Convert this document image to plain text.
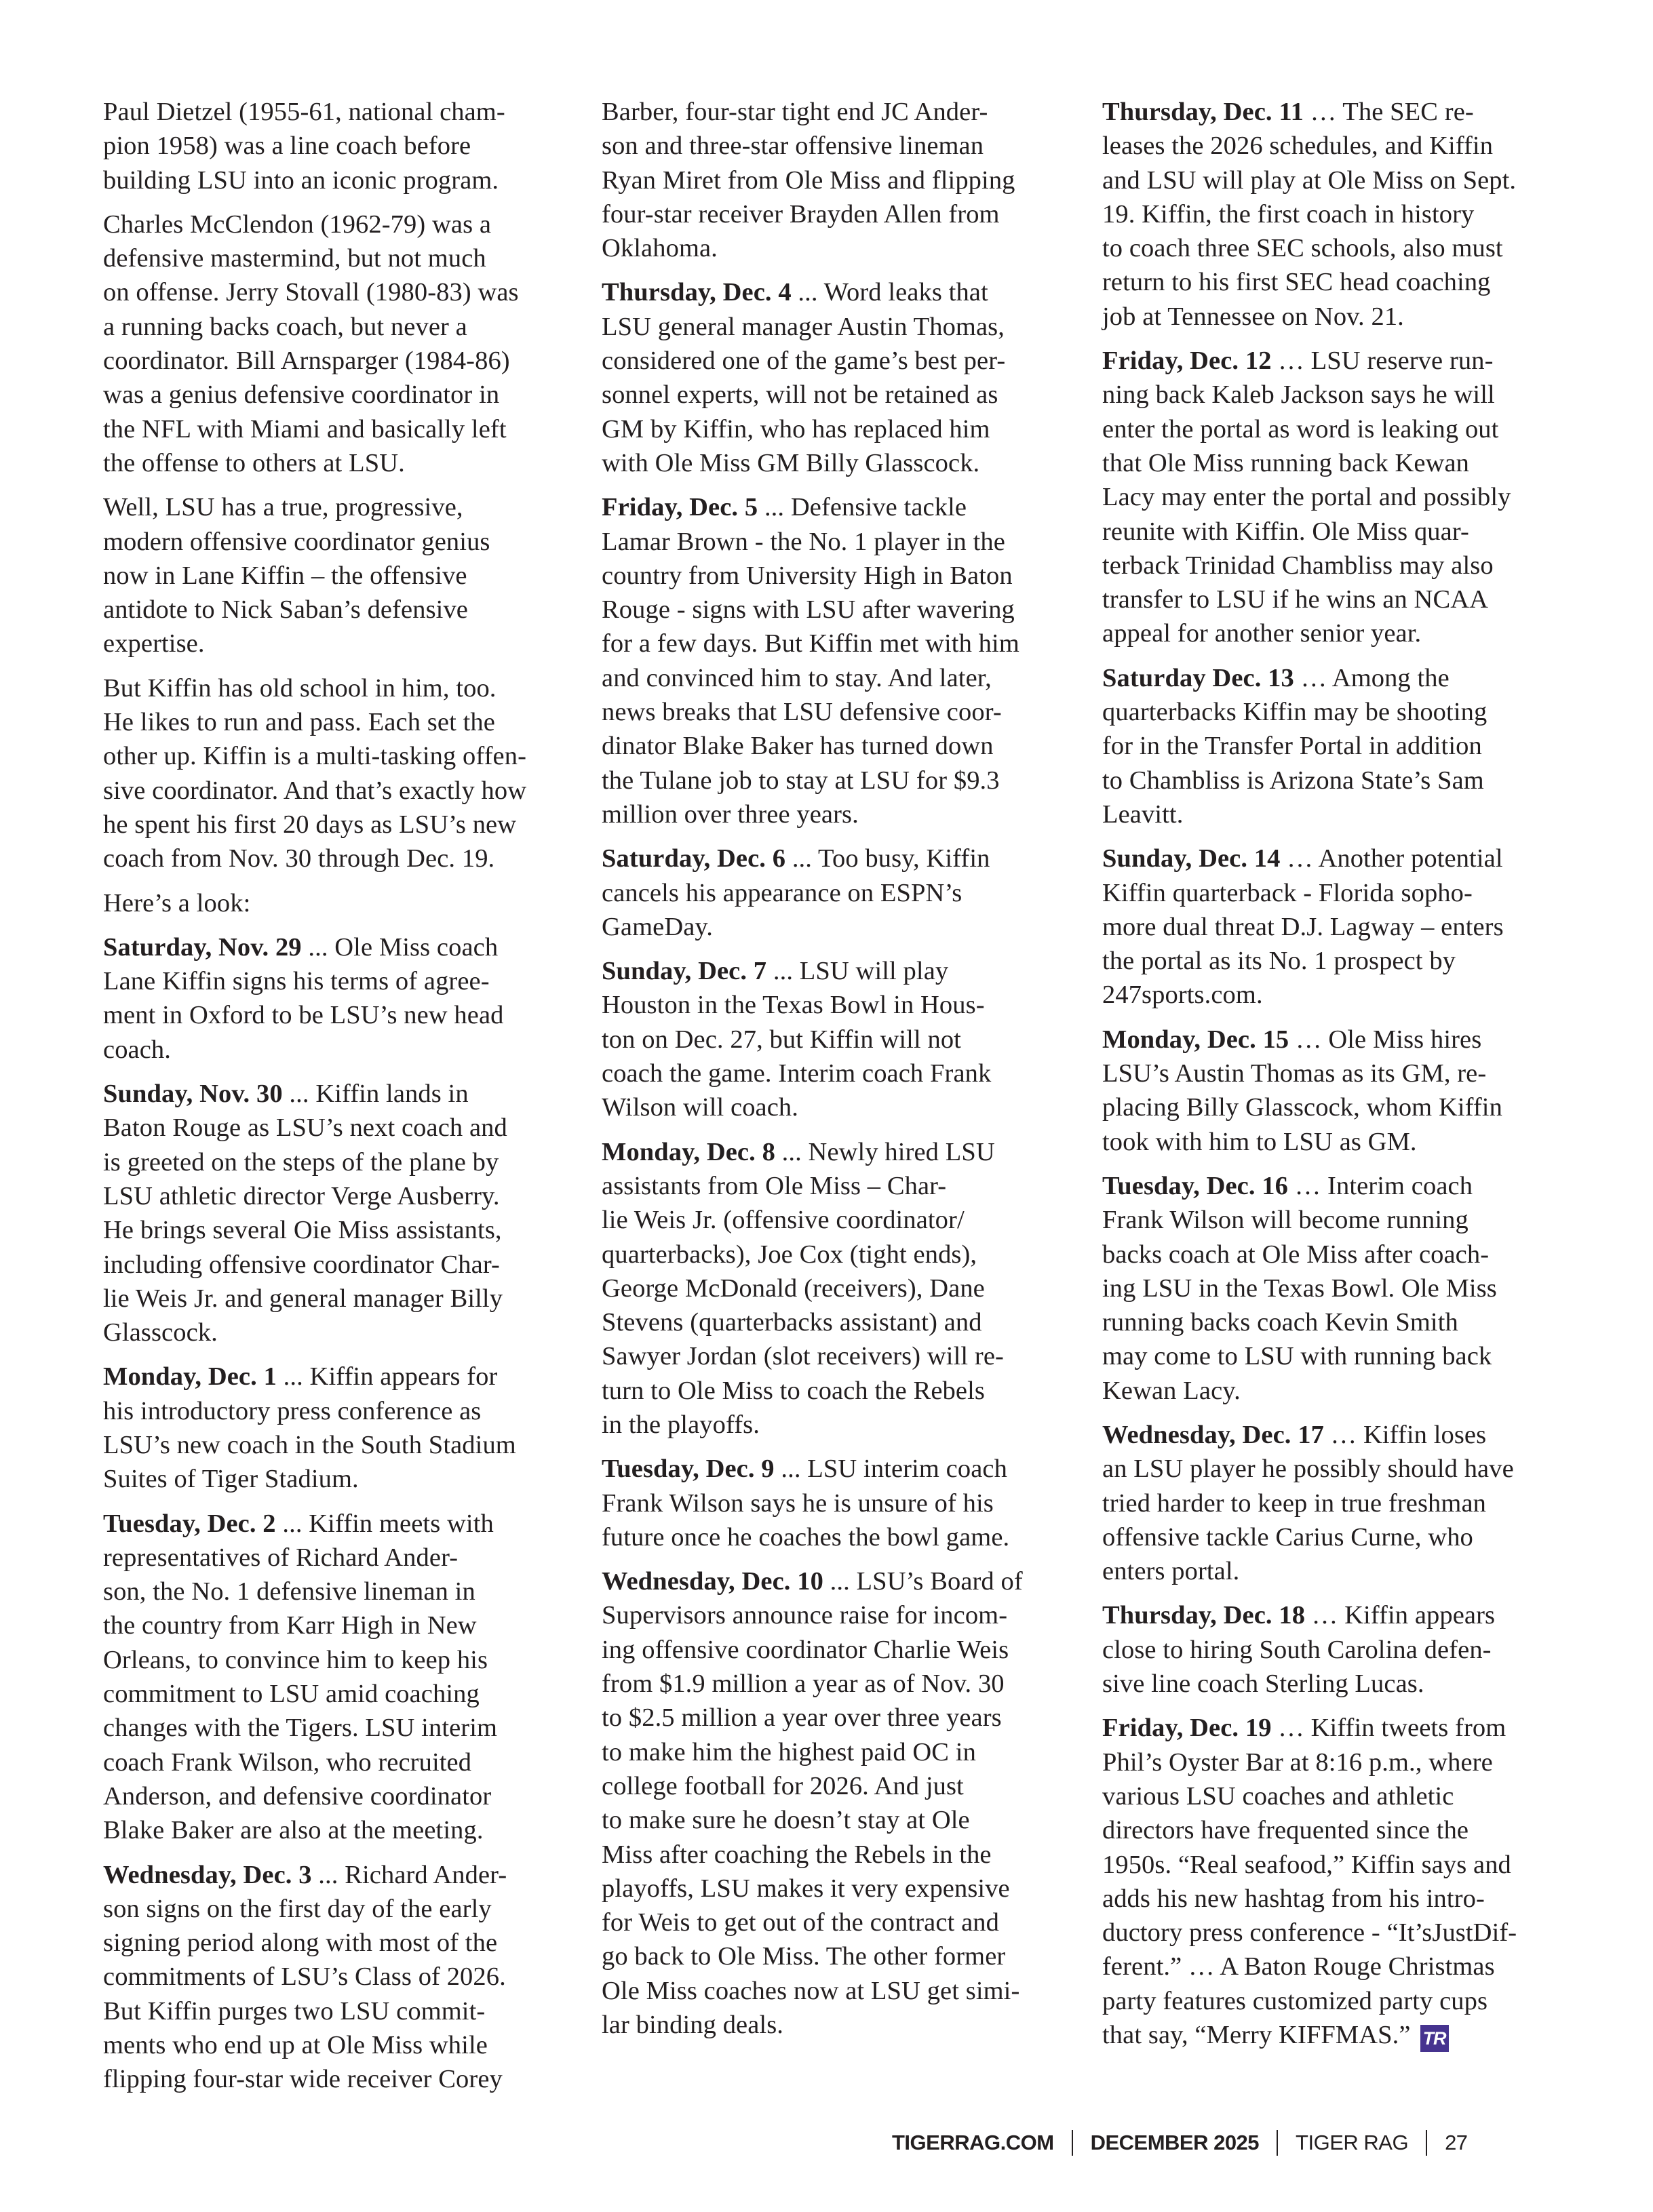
Paul Dietzel (1955-61, national cham-
pion 1958) was a line coach before
building LSU into an iconic program.

Charles McClendon (1962-79) was a
defensive mastermind, but not much
on offense. Jerry Stovall (1980-83) was
a running backs coach, but never a
coordinator. Bill Arnsparger (1984-86)
was a genius defensive coordinator in
the NFL with Miami and basically left
the offense to others at LSU.

Well, LSU has a true, progressive,
modern offensive coordinator genius
now in Lane Kiffin – the offensive
antidote to Nick Saban’s defensive
expertise.

But Kiffin has old school in him, too.
He likes to run and pass. Each set the
other up. Kiffin is a multi-tasking offen-
sive coordinator. And that’s exactly how
he spent his first 20 days as LSU’s new
coach from Nov. 30 through Dec. 19.

Here’s a look:

Saturday, Nov. 29 ... Ole Miss coach
Lane Kiffin signs his terms of agree-
ment in Oxford to be LSU’s new head
coach.

Sunday, Nov. 30 ... Kiffin lands in
Baton Rouge as LSU’s next coach and
is greeted on the steps of the plane by
LSU athletic director Verge Ausberry.
He brings several Oie Miss assistants,
including offensive coordinator Char-
lie Weis Jr. and general manager Billy
Glasscock.

Monday, Dec. 1 ... Kiffin appears for
his introductory press conference as
LSU’s new coach in the South Stadium
Suites of Tiger Stadium.

Tuesday, Dec. 2 ... Kiffin meets with
representatives of Richard Ander-
son, the No. 1 defensive lineman in
the country from Karr High in New
Orleans, to convince him to keep his
commitment to LSU amid coaching
changes with the Tigers. LSU interim
coach Frank Wilson, who recruited
Anderson, and defensive coordinator
Blake Baker are also at the meeting.

Wednesday, Dec. 3 ... Richard Ander-
son signs on the first day of the early
signing period along with most of the
commitments of LSU’s Class of 2026.
But Kiffin purges two LSU commit-
ments who end up at Ole Miss while
flipping four-star wide receiver Corey

Barber, four-star tight end JC Ander-
son and three-star offensive lineman
Ryan Miret from Ole Miss and flipping
four-star receiver Brayden Allen from
Oklahoma.

Thursday, Dec. 4 ... Word leaks that
LSU general manager Austin Thomas,
considered one of the game’s best per-
sonnel experts, will not be retained as
GM by Kiffin, who has replaced him
with Ole Miss GM Billy Glasscock.

Friday, Dec. 5 ... Defensive tackle
Lamar Brown - the No. 1 player in the
country from University High in Baton
Rouge - signs with LSU after wavering
for a few days. But Kiffin met with him
and convinced him to stay. And later,
news breaks that LSU defensive coor-
dinator Blake Baker has turned down
the Tulane job to stay at LSU for $9.3
million over three years.

Saturday, Dec. 6 ... Too busy, Kiffin
cancels his appearance on ESPN’s
GameDay.

Sunday, Dec. 7 ... LSU will play
Houston in the Texas Bowl in Hous-
ton on Dec. 27, but Kiffin will not
coach the game. Interim coach Frank
Wilson will coach.

Monday, Dec. 8 ... Newly hired LSU
assistants from Ole Miss – Char-
lie Weis Jr. (offensive coordinator/
quarterbacks), Joe Cox (tight ends),
George McDonald (receivers), Dane
Stevens (quarterbacks assistant) and
Sawyer Jordan (slot receivers) will re-
turn to Ole Miss to coach the Rebels
in the playoffs.

Tuesday, Dec. 9 ... LSU interim coach
Frank Wilson says he is unsure of his
future once he coaches the bowl game.

Wednesday, Dec. 10 ... LSU’s Board of
Supervisors announce raise for incom-
ing offensive coordinator Charlie Weis
from $1.9 million a year as of Nov. 30
to $2.5 million a year over three years
to make him the highest paid OC in
college football for 2026. And just
to make sure he doesn’t stay at Ole
Miss after coaching the Rebels in the
playoffs, LSU makes it very expensive
for Weis to get out of the contract and
go back to Ole Miss. The other former
Ole Miss coaches now at LSU get simi-
lar binding deals.

Thursday, Dec. 11 … The SEC re-
leases the 2026 schedules, and Kiffin
and LSU will play at Ole Miss on Sept.
19. Kiffin, the first coach in history
to coach three SEC schools, also must
return to his first SEC head coaching
job at Tennessee on Nov. 21.

Friday, Dec. 12 … LSU reserve run-
ning back Kaleb Jackson says he will
enter the portal as word is leaking out
that Ole Miss running back Kewan
Lacy may enter the portal and possibly
reunite with Kiffin. Ole Miss quar-
terback Trinidad Chambliss may also
transfer to LSU if he wins an NCAA
appeal for another senior year.

Saturday Dec. 13 … Among the
quarterbacks Kiffin may be shooting
for in the Transfer Portal in addition
to Chambliss is Arizona State’s Sam
Leavitt.

Sunday, Dec. 14 … Another potential
Kiffin quarterback - Florida sopho-
more dual threat D.J. Lagway – enters
the portal as its No. 1 prospect by
247sports.com.

Monday, Dec. 15 … Ole Miss hires
LSU’s Austin Thomas as its GM, re-
placing Billy Glasscock, whom Kiffin
took with him to LSU as GM.

Tuesday, Dec. 16 … Interim coach
Frank Wilson will become running
backs coach at Ole Miss after coach-
ing LSU in the Texas Bowl. Ole Miss
running backs coach Kevin Smith
may come to LSU with running back
Kewan Lacy.

Wednesday, Dec. 17 … Kiffin loses
an LSU player he possibly should have
tried harder to keep in true freshman
offensive tackle Carius Curne, who
enters portal.

Thursday, Dec. 18 … Kiffin appears
close to hiring South Carolina defen-
sive line coach Sterling Lucas.

Friday, Dec. 19 … Kiffin tweets from
Phil’s Oyster Bar at 8:16 p.m., where
various LSU coaches and athletic
directors have frequented since the
1950s. “Real seafood,” Kiffin says and
adds his new hashtag from his intro-
ductory press conference - “It’sJustDif-
ferent.” … A Baton Rouge Christmas
party features customized party cups
that say, “Merry KIFFMAS.” TR

TIGERRAG.COM DECEMBER 2025 TIGER RAG 27
